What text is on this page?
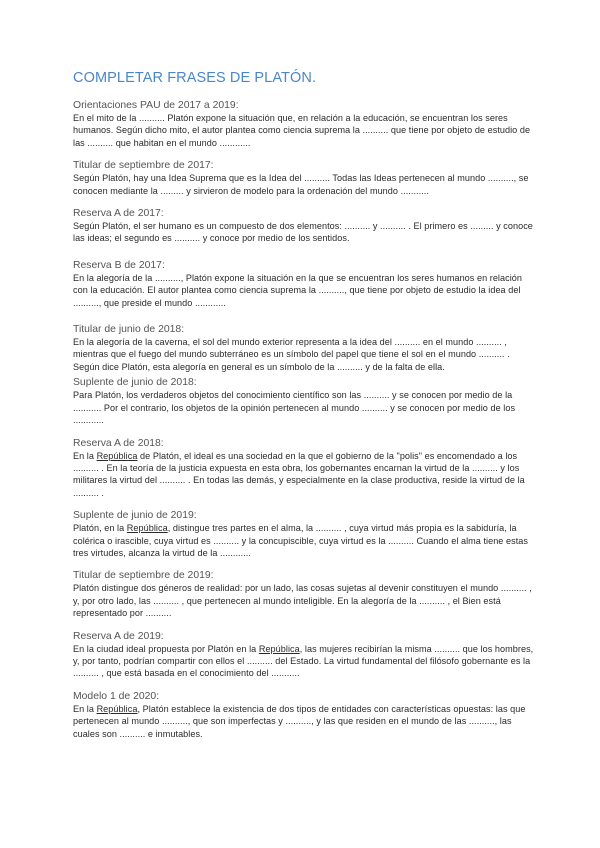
COMPLETAR FRASES DE PLATÓN.

Orientaciones PAU de 2017 a 2019:

En el mito de la .......... Platón expone la situación que, en relación a la educación, se encuentran los seres humanos. Según dicho mito, el autor plantea como ciencia suprema la .......... que tiene por objeto de estudio de las .......... que habitan en el mundo ............

Titular de septiembre de 2017:

Según Platón, hay una Idea Suprema que es la Idea del .......... Todas las Ideas pertenecen al mundo .........., se conocen mediante la ......... y sirvieron de modelo para la ordenación del mundo ...........

Reserva A de 2017:

Según Platón, el ser humano es un compuesto de dos elementos: .......... y .......... . El primero es ......... y conoce las ideas; el segundo es .......... y conoce por medio de los sentidos.

Reserva B de 2017:

En la alegoría de la .........., Platón expone la situación en la que se encuentran los seres humanos en relación con la educación. El autor plantea como ciencia suprema la .........., que tiene por objeto de estudio la idea del .........., que preside el mundo ............

Titular de junio de 2018:

En la alegoría de la caverna, el sol del mundo exterior representa a la idea del .......... en el mundo .......... , mientras que el fuego del mundo subterráneo es un símbolo del papel que tiene el sol en el mundo .......... . Según dice Platón, esta alegoría en general es un símbolo de la .......... y de la falta de ella.

Suplente de junio de 2018:

Para Platón, los verdaderos objetos del conocimiento científico son las .......... y se conocen por medio de la ........... Por el contrario, los objetos de la opinión pertenecen al mundo .......... y se conocen por medio de los ............

Reserva A de 2018:

En la República de Platón, el ideal es una sociedad en la que el gobierno de la "polis" es encomendado a los .......... . En la teoría de la justicia expuesta en esta obra, los gobernantes encarnan la virtud de la .......... y los militares la virtud del .......... . En todas las demás, y especialmente en la clase productiva, reside la virtud de la .......... .

Suplente de junio de 2019:

Platón, en la República, distingue tres partes en el alma, la .......... , cuya virtud más propia es la sabiduría, la colérica o irascible, cuya virtud es .......... y la concupiscible, cuya virtud es la .......... Cuando el alma tiene estas tres virtudes, alcanza la virtud de la ............

Titular de septiembre de 2019:

Platón distingue dos géneros de realidad: por un lado, las cosas sujetas al devenir constituyen el mundo .......... , y, por otro lado, las .......... , que pertenecen al mundo inteligible. En la alegoría de la .......... , el Bien está representado por ..........

Reserva A de 2019:

En la ciudad ideal propuesta por Platón en la República, las mujeres recibirían la misma .......... que los hombres, y, por tanto, podrían compartir con ellos el .......... del Estado. La virtud fundamental del filósofo gobernante es la .......... , que está basada en el conocimiento del ...........

Modelo 1 de 2020:

En la República, Platón establece la existencia de dos tipos de entidades con características opuestas: las que pertenecen al mundo .........., que son imperfectas y .........., y las que residen en el mundo de las .........., las cuales son .......... e inmutables.
